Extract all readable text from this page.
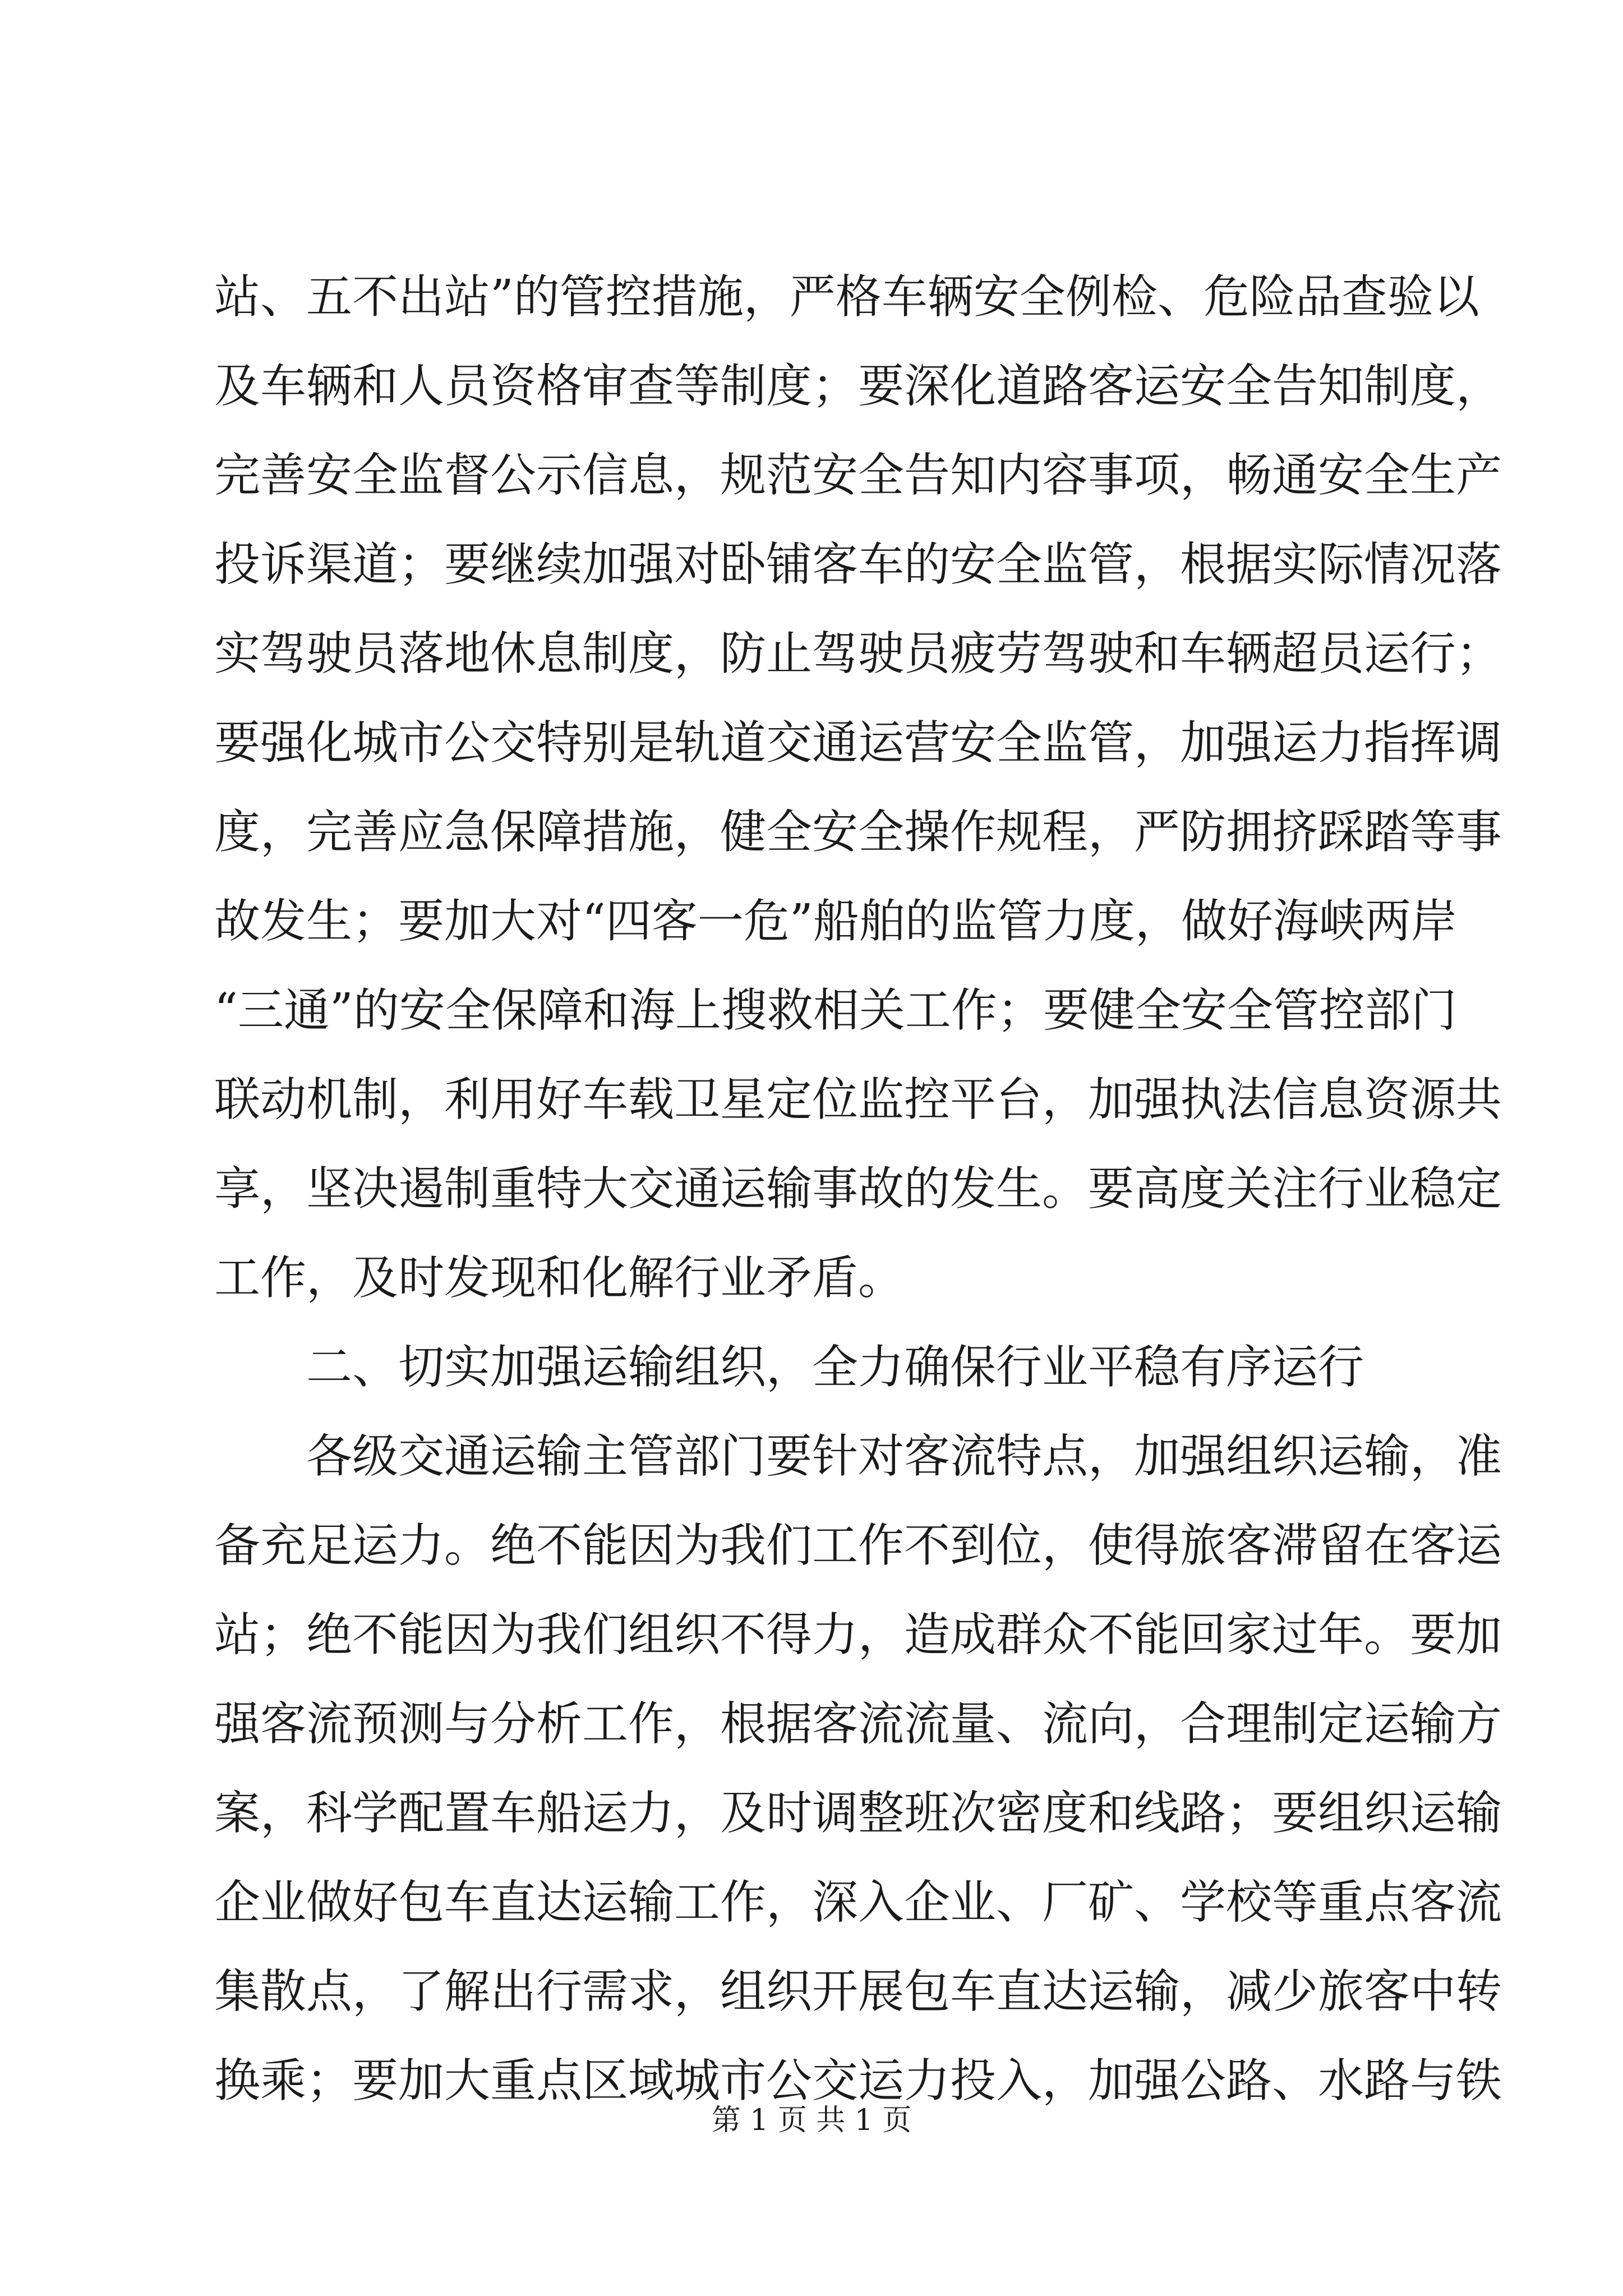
站、五不出站”的管控措施，严格车辆安全例检、危险品查验以
及车辆和人员资格审查等制度；要深化道路客运安全告知制度，
完善安全监督公示信息，规范安全告知内容事项，畅通安全生产
投诉渠道；要继续加强对卧铺客车的安全监管，根据实际情况落
实驾驶员落地休息制度，防止驾驶员疲劳驾驶和车辆超员运行；
要强化城市公交特别是轨道交通运营安全监管，加强运力指挥调
度，完善应急保障措施，健全安全操作规程，严防拥挤踩踏等事
故发生；要加大对“四客一危”船舶的监管力度，做好海峡两岸
“三通”的安全保障和海上搜救相关工作；要健全安全管控部门
联动机制，利用好车载卫星定位监控平台，加强执法信息资源共
享，坚决遏制重特大交通运输事故的发生。要高度关注行业稳定
工作，及时发现和化解行业矛盾。
二、切实加强运输组织，全力确保行业平稳有序运行
各级交通运输主管部门要针对客流特点，加强组织运输，准
备充足运力。绝不能因为我们工作不到位，使得旅客滞留在客运
站；绝不能因为我们组织不得力，造成群众不能回家过年。要加
强客流预测与分析工作，根据客流流量、流向，合理制定运输方
案，科学配置车船运力，及时调整班次密度和线路；要组织运输
企业做好包车直达运输工作，深入企业、厂矿、学校等重点客流
集散点，了解出行需求，组织开展包车直达运输，减少旅客中转
换乘；要加大重点区域城市公交运力投入，加强公路、水路与铁
第 1 页 共 1 页
